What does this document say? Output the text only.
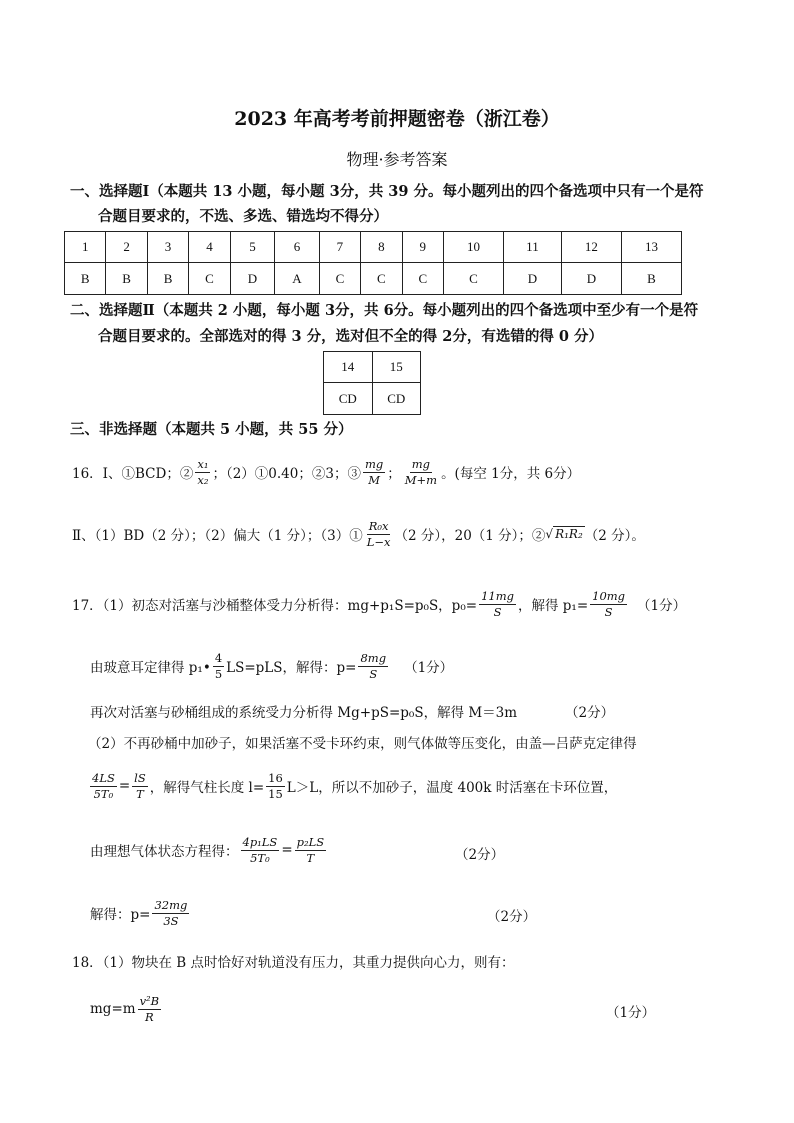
2023 年高考考前押题密卷（浙江卷）
物理·参考答案
一、选择题Ⅰ（本题共 13 小题，每小题 3分，共 39 分。每小题列出的四个备选项中只有一个是符
合题目要求的，不选、多选、错选均不得分）
1	2	3	4	5	6	7	8	9	10	11	12	13
B	B	B	C	D	A	C	C	C	C	D	D	B
二、选择题Ⅱ（本题共 2 小题，每小题 3分，共 6分。每小题列出的四个备选项中至少有一个是符
合题目要求的。全部选对的得 3 分，选对但不全的得 2分，有选错的得 0 分）
14	15
CD	CD
三、非选择题（本题共 5 小题，共 55 分）
16．Ⅰ、①BCD；② $\frac{\text{x₁}}{\text{x₂}}$ ；（2）①0.40；②3；③ $\frac{mg}{M}$ ； $\frac{mg}{M+m}$ 。(每空 1分，共 6分）
Ⅱ、（1）BD（2 分）；（2）偏大（1 分）；（3）① $\frac{\text{R₀x}}{L-x} (2$ 分），20（1 分）；② √ R₁R₂ （2 分）。
17．（1）初态对活塞与沙桶整体受力分析得：mg+p₁S=p₀S，$p_0= \frac{11mg}{S}$ ，解得 $p_1= \frac{10mg}{S} (1$分）
由玻意耳定律得 p₁• $\frac{4}{5} LS=pLS$，解得：$p= \frac{8mg}{S} (1$分）
再次对活塞与砂桶组成的系统受力分析得 Mg+pS=p₀S，解得 M＝3m	（2分）
（2）不再砂桶中加砂子，如果活塞不受卡环约束，则气体做等压变化，由盖—吕萨克定律得
$\frac{4LS}{\text{5T₀}} = \frac{lS}{T}$ ，解得气柱长度 $l= \frac{16}{15} L>L$，所以不加砂子，温度 400k 时活塞在卡环位置，
由理想气体状态方程得： $\frac{\text{4p₁LS}}{\text{5T₀}} = \frac{\text{p₂LS}}{T}$	（2分）
解得：$p= \frac{32mg}{3S}$	（2分）
18．（1）物块在 B 点时恰好对轨道没有压力，其重力提供向心力，则有：
$mg=m \frac{\text{v²B}}{R}$	（1分）
